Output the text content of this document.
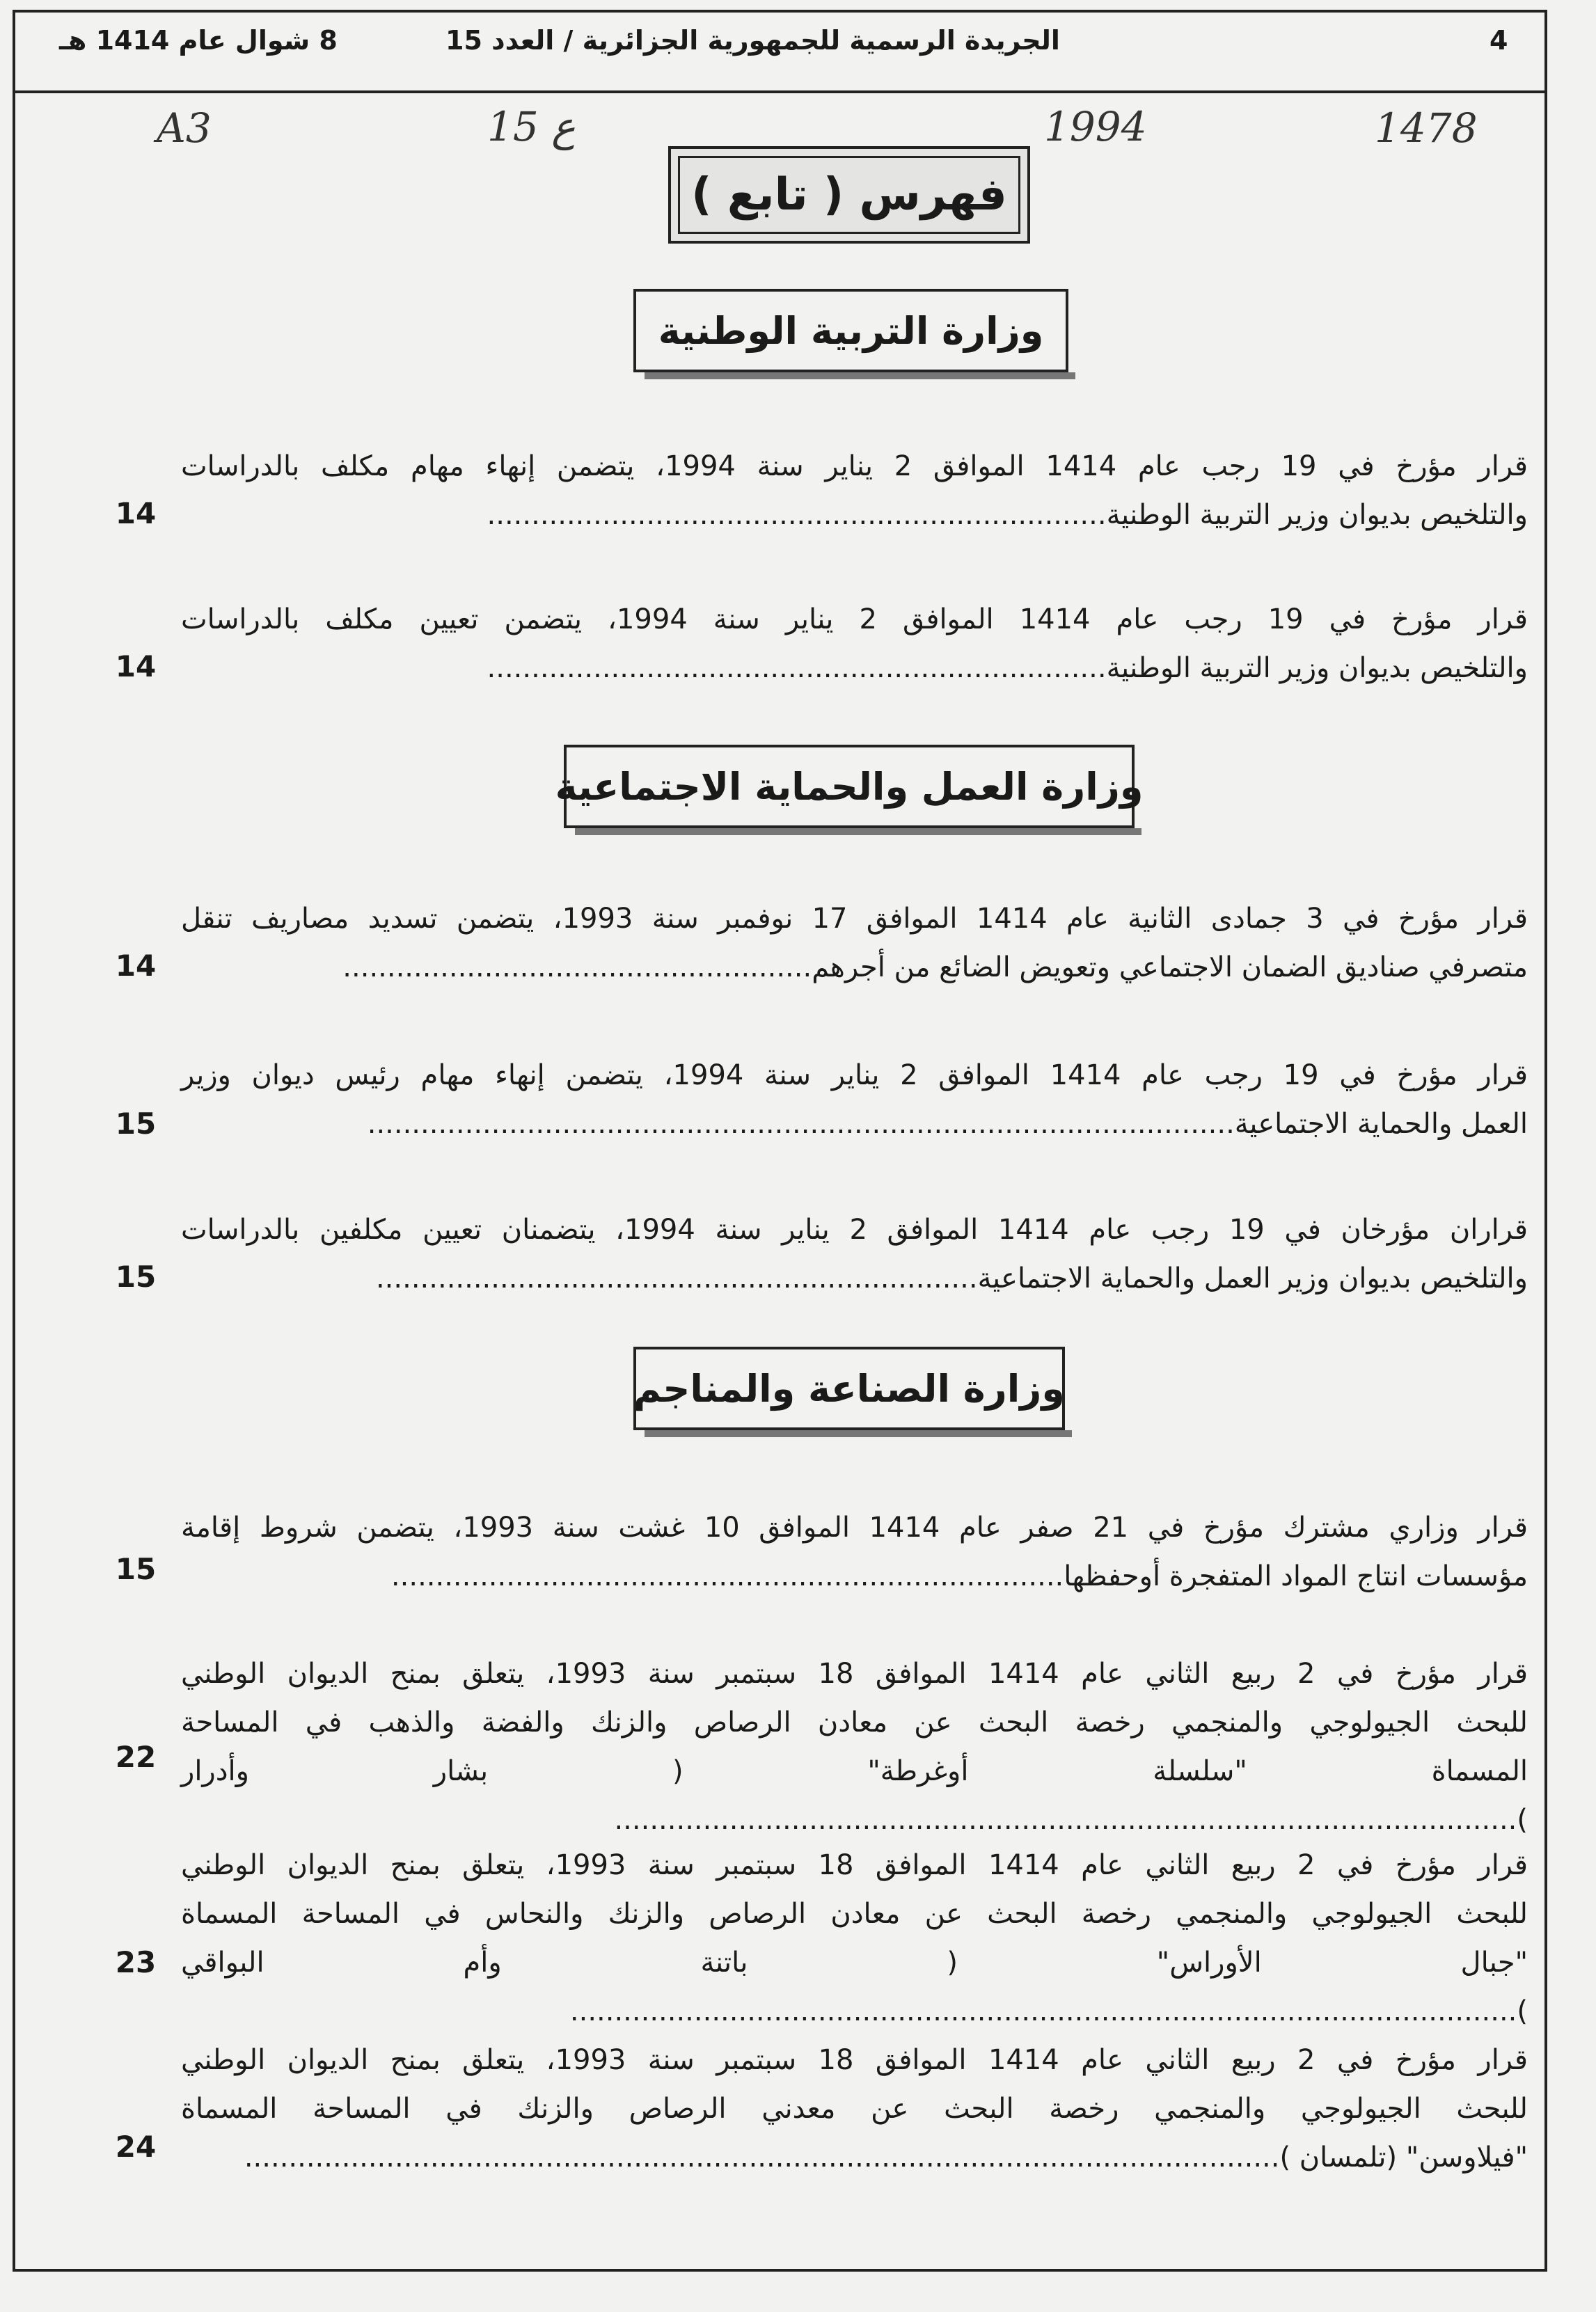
4
الجريدة الرسمية للجمهورية الجزائرية / العدد 15
8 شوال عام 1414 هـ
A3	15 ع	1994	1478
فهرس ( تابع )
وزارة التربية الوطنية

قرار مؤرخ في 19 رجب عام 1414 الموافق 2 يناير سنة 1994، يتضمن إنهاء مهام مكلف بالدراسات

والتلخيص بديوان وزير التربية الوطنية......................................................................

14

قرار مؤرخ في 19 رجب عام 1414 الموافق 2 يناير سنة 1994، يتضمن تعيين مكلف بالدراسات

والتلخيص بديوان وزير التربية الوطنية......................................................................

14
وزارة العمل والحماية الاجتماعية

قرار مؤرخ في 3 جمادى الثانية عام 1414 الموافق 17 نوفمبر سنة 1993، يتضمن تسديد مصاريف تنقل

متصرفي صناديق الضمان الاجتماعي وتعويض الضائع من أجرهم.....................................................

14

قرار مؤرخ في 19 رجب عام 1414 الموافق 2 يناير سنة 1994، يتضمن إنهاء مهام رئيس ديوان وزير

العمل والحماية الاجتماعية..................................................................................................

15

قراران مؤرخان في 19 رجب عام 1414 الموافق 2 يناير سنة 1994، يتضمنان تعيين مكلفين بالدراسات

والتلخيص بديوان وزير العمل والحماية الاجتماعية....................................................................

15
وزارة الصناعة والمناجم

قرار وزاري مشترك مؤرخ في 21 صفر عام 1414 الموافق 10 غشت سنة 1993، يتضمن شروط إقامة

مؤسسات انتاج المواد المتفجرة أوحفظها............................................................................

15

قرار مؤرخ في 2 ربيع الثاني عام 1414 الموافق 18 سبتمبر سنة 1993، يتعلق بمنح الديوان الوطني

للبحث الجيولوجي والمنجمي رخصة البحث عن معادن الرصاص والزنك والفضة والذهب في المساحة

المسماة "سلسلة أوغرطة" ( بشار وأدرار )......................................................................................................

22

قرار مؤرخ في 2 ربيع الثاني عام 1414 الموافق 18 سبتمبر سنة 1993، يتعلق بمنح الديوان الوطني

للبحث الجيولوجي والمنجمي رخصة البحث عن معادن الرصاص والزنك والنحاس في المساحة المسماة

"جبال الأوراس" ( باتنة وأم البواقي )...........................................................................................................

23

قرار مؤرخ في 2 ربيع الثاني عام 1414 الموافق 18 سبتمبر سنة 1993، يتعلق بمنح الديوان الوطني

للبحث الجيولوجي والمنجمي رخصة البحث عن معدني الرصاص والزنك في المساحة المسماة

"فيلاوسن" (تلمسان ).....................................................................................................................

24
